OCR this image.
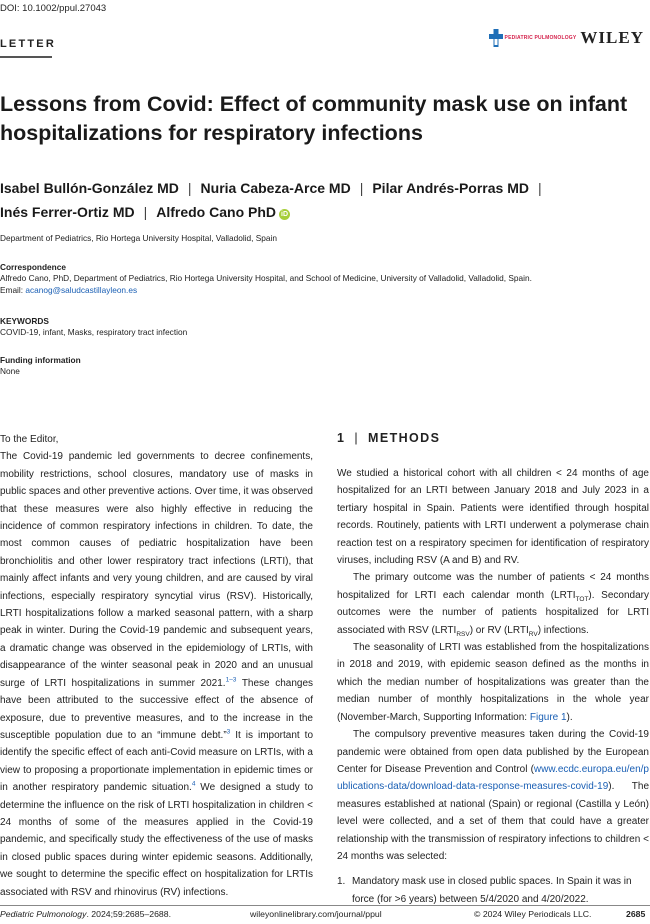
DOI: 10.1002/ppul.27043
LETTER	PEDIATRIC PULMONOLOGY WILEY
Lessons from Covid: Effect of community mask use on infant hospitalizations for respiratory infections
Isabel Bullón-González MD | Nuria Cabeza-Arce MD | Pilar Andrés-Porras MD |
Inés Ferrer-Ortiz MD | Alfredo Cano PhD iD
Department of Pediatrics, Rio Hortega University Hospital, Valladolid, Spain
Correspondence
Alfredo Cano, PhD, Department of Pediatrics, Rio Hortega University Hospital, and School of Medicine, University of Valladolid, Valladolid, Spain.
Email: acanog@saludcastillayleon.es
KEYWORDS
COVID-19, infant, Masks, respiratory tract infection
Funding information
None

To the Editor,

The Covid-19 pandemic led governments to decree confinements, mobility restrictions, school closures, mandatory use of masks in public spaces and other preventive actions. Over time, it was observed that these measures were also highly effective in reducing the incidence of common respiratory infections in children. To date, the most common causes of pediatric hospitalization have been bronchiolitis and other lower respiratory tract infections (LRTI), that mainly affect infants and very young children, and are caused by viral infections, especially respiratory syncytial virus (RSV). Historically, LRTI hospitalizations follow a marked seasonal pattern, with a sharp peak in winter. During the Covid-19 pandemic and subsequent years, a dramatic change was observed in the epidemiology of LRTIs, with disappearance of the winter seasonal peak in 2020 and an unusual surge of LRTI hospitalizations in summer 2021.$^{1-3}$ These changes have been attributed to the successive effect of the absence of exposure, due to preventive measures, and to the increase in the susceptible population due to an “immune debt.”$^3$ It is important to identify the specific effect of each anti-Covid measure on LRTIs, with a view to proposing a proportionate implementation in epidemic times or in another respiratory pandemic situation.$^4$ We designed a study to determine the influence on the risk of LRTI hospitalization in children < 24 months of some of the measures applied in the Covid-19 pandemic, and specifically study the effectiveness of the use of masks in closed public spaces during winter epidemic seasons. Additionally, we sought to determine the specific effect on hospitalization for LRTIs associated with RSV and rhinovirus (RV) infections.

1 | METHODS

We studied a historical cohort with all children < 24 months of age hospitalized for an LRTI between January 2018 and July 2023 in a tertiary hospital in Spain. Patients were identified through hospital records. Routinely, patients with LRTI underwent a polymerase chain reaction test on a respiratory specimen for identification of respiratory viruses, including RSV (A and B) and RV.

The primary outcome was the number of patients < 24 months hospitalized for LRTI each calendar month $(LRTI_{TOT})$. Secondary outcomes were the number of patients hospitalized for LRTI associated with RSV $(LRTI_{RSV})$ or RV $(LRTI_{RV})$ infections.

The seasonality of LRTI was established from the hospitalizations in 2018 and 2019, with epidemic season defined as the months in which the median number of hospitalizations was greater than the median number of monthly hospitalizations in the whole year (November-March, Supporting Information: Figure 1).

The compulsory preventive measures taken during the Covid-19 pandemic were obtained from open data published by the European Center for Disease Prevention and Control (www.ecdc.europa.eu/en/publications-data/download-data-response-measures-covid-19). The measures established at national (Spain) or regional (Castilla y León) level were collected, and a set of them that could have a greater relationship with the transmission of respiratory infections to children < 24 months was selected:

1. Mandatory mask use in closed public spaces. In Spain it was in force (for >6 years) between 5/4/2020 and 4/20/2022.
Pediatric Pulmonology. 2024;59:2685–2688.	wileyonlinelibrary.com/journal/ppul	© 2024 Wiley Periodicals LLC.	2685
